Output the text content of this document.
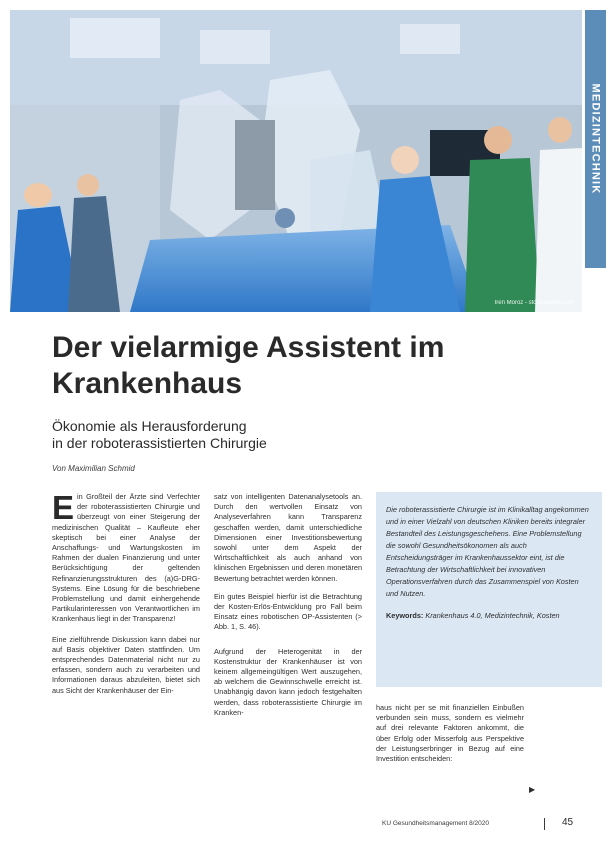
Iren Moroz - stock.adobe.com
MEDIZINTECHNIK
Der vielarmige Assistent im Krankenhaus
Ökonomie als Herausforderung
in der roboterassistierten Chirurgie

Von Maximilian Schmid

Ein Großteil der Ärzte sind Verfechter der roboterassistierten Chirurgie und überzeugt von einer Steigerung der medizinischen Qualität – Kaufleute eher skeptisch bei einer Analyse der Anschaffungs- und Wartungskosten im Rahmen der dualen Finanzierung und unter Berücksichtigung der geltenden Refinanzierungsstrukturen des (a)G-DRG-Systems. Eine Lösung für die beschriebene Problemstellung und damit einhergehende Partikularinteressen von Verantwortlichen im Krankenhaus liegt in der Transparenz!

Eine zielführende Diskussion kann dabei nur auf Basis objektiver Daten stattfinden. Um entsprechendes Datenmaterial nicht nur zu erfassen, sondern auch zu verarbeiten und Informationen daraus abzuleiten, bietet sich aus Sicht der Krankenhäuser der Ein-

satz von intelligenten Datenanalysetools an. Durch den wertvollen Einsatz von Analyseverfahren kann Transparenz geschaffen werden, damit unterschiedliche Dimensionen einer Investitionsbewertung sowohl unter dem Aspekt der Wirtschaftlichkeit als auch anhand von klinischen Ergebnissen und deren monetären Bewertung betrachtet werden können.

Ein gutes Beispiel hierfür ist die Betrachtung der Kosten-Erlös-Entwicklung pro Fall beim Einsatz eines robotischen OP-Assistenten (> Abb. 1, S. 46).

Aufgrund der Heterogenität in der Kostenstruktur der Krankenhäuser ist von keinem allgemeingültigen Wert auszugehen, ab welchem die Gewinnschwelle erreicht ist. Unabhängig davon kann jedoch festgehalten werden, dass roboterassistierte Chirurgie im Kranken-

Die roboterassistierte Chirurgie ist im Klinikalltag angekommen und in einer Vielzahl von deutschen Kliniken bereits integraler Bestandteil des Leistungsgeschehens. Eine Problemstellung die sowohl Gesundheitsökonomen als auch Entscheidungsträger im Krankenhaussektor eint, ist die Betrachtung der Wirtschaftlichkeit bei innovativen Operationsverfahren durch das Zusammenspiel von Kosten und Nutzen.

Keywords: Krankenhaus 4.0, Medizintechnik, Kosten

haus nicht per se mit finanziellen Einbußen verbunden sein muss, sondern es vielmehr auf drei relevante Faktoren ankommt, die über Erfolg oder Misserfolg aus Perspektive der Leistungserbringer in Bezug auf eine Investition entscheiden:

▶
KU Gesundheitsmanagement 8/2020	45
